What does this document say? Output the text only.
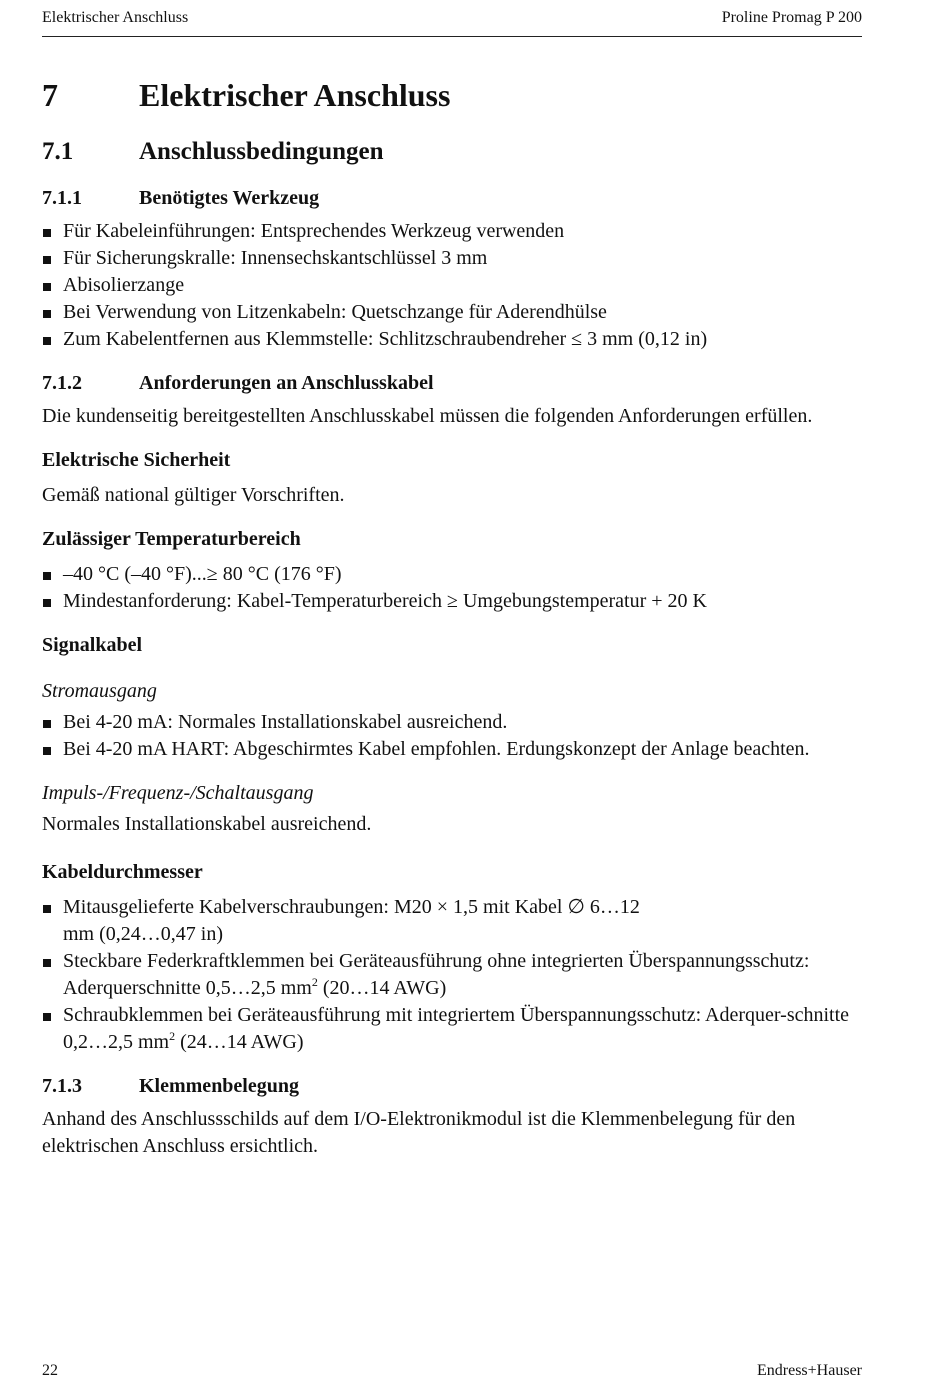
Elektrischer Anschluss	Proline Promag P 200
7	Elektrischer Anschluss
7.1	Anschlussbedingungen
7.1.1	Benötigtes Werkzeug
Für Kabeleinführungen: Entsprechendes Werkzeug verwenden
Für Sicherungskralle: Innensechskantschlüssel 3 mm
Abisolierzange
Bei Verwendung von Litzenkabeln: Quetschzange für Aderendhülse
Zum Kabelentfernen aus Klemmstelle: Schlitzschraubendreher ≤ 3 mm (0,12 in)
7.1.2	Anforderungen an Anschlusskabel

Die kundenseitig bereitgestellten Anschlusskabel müssen die folgenden Anforderungen erfüllen.

Elektrische Sicherheit

Gemäß national gültiger Vorschriften.

Zulässiger Temperaturbereich
–40 °C (–40 °F)...≥ 80 °C (176 °F)
Mindestanforderung: Kabel-Temperaturbereich ≥ Umgebungstemperatur + 20 K
Signalkabel
Stromausgang
Bei 4-20 mA: Normales Installationskabel ausreichend.
Bei 4-20 mA HART: Abgeschirmtes Kabel empfohlen. Erdungskonzept der Anlage beachten.
Impuls-/Frequenz-/Schaltausgang

Normales Installationskabel ausreichend.

Kabeldurchmesser
Mitausgelieferte Kabelverschraubungen: M20 × 1,5 mit Kabel ∅ 6…12 mm (0,24…0,47 in)
Steckbare Federkraftklemmen bei Geräteausführung ohne integrierten Überspannungsschutz: Aderquerschnitte 0,5…2,5 $mm^2$ (20…14 AWG)
Schraubklemmen bei Geräteausführung mit integriertem Überspannungsschutz: Aderquer-schnitte 0,2…2,5 $mm^2$ (24…14 AWG)
7.1.3	Klemmenbelegung

Anhand des Anschlussschilds auf dem I/O-Elektronikmodul ist die Klemmenbelegung für den elektrischen Anschluss ersichtlich.

22	Endress+Hauser
